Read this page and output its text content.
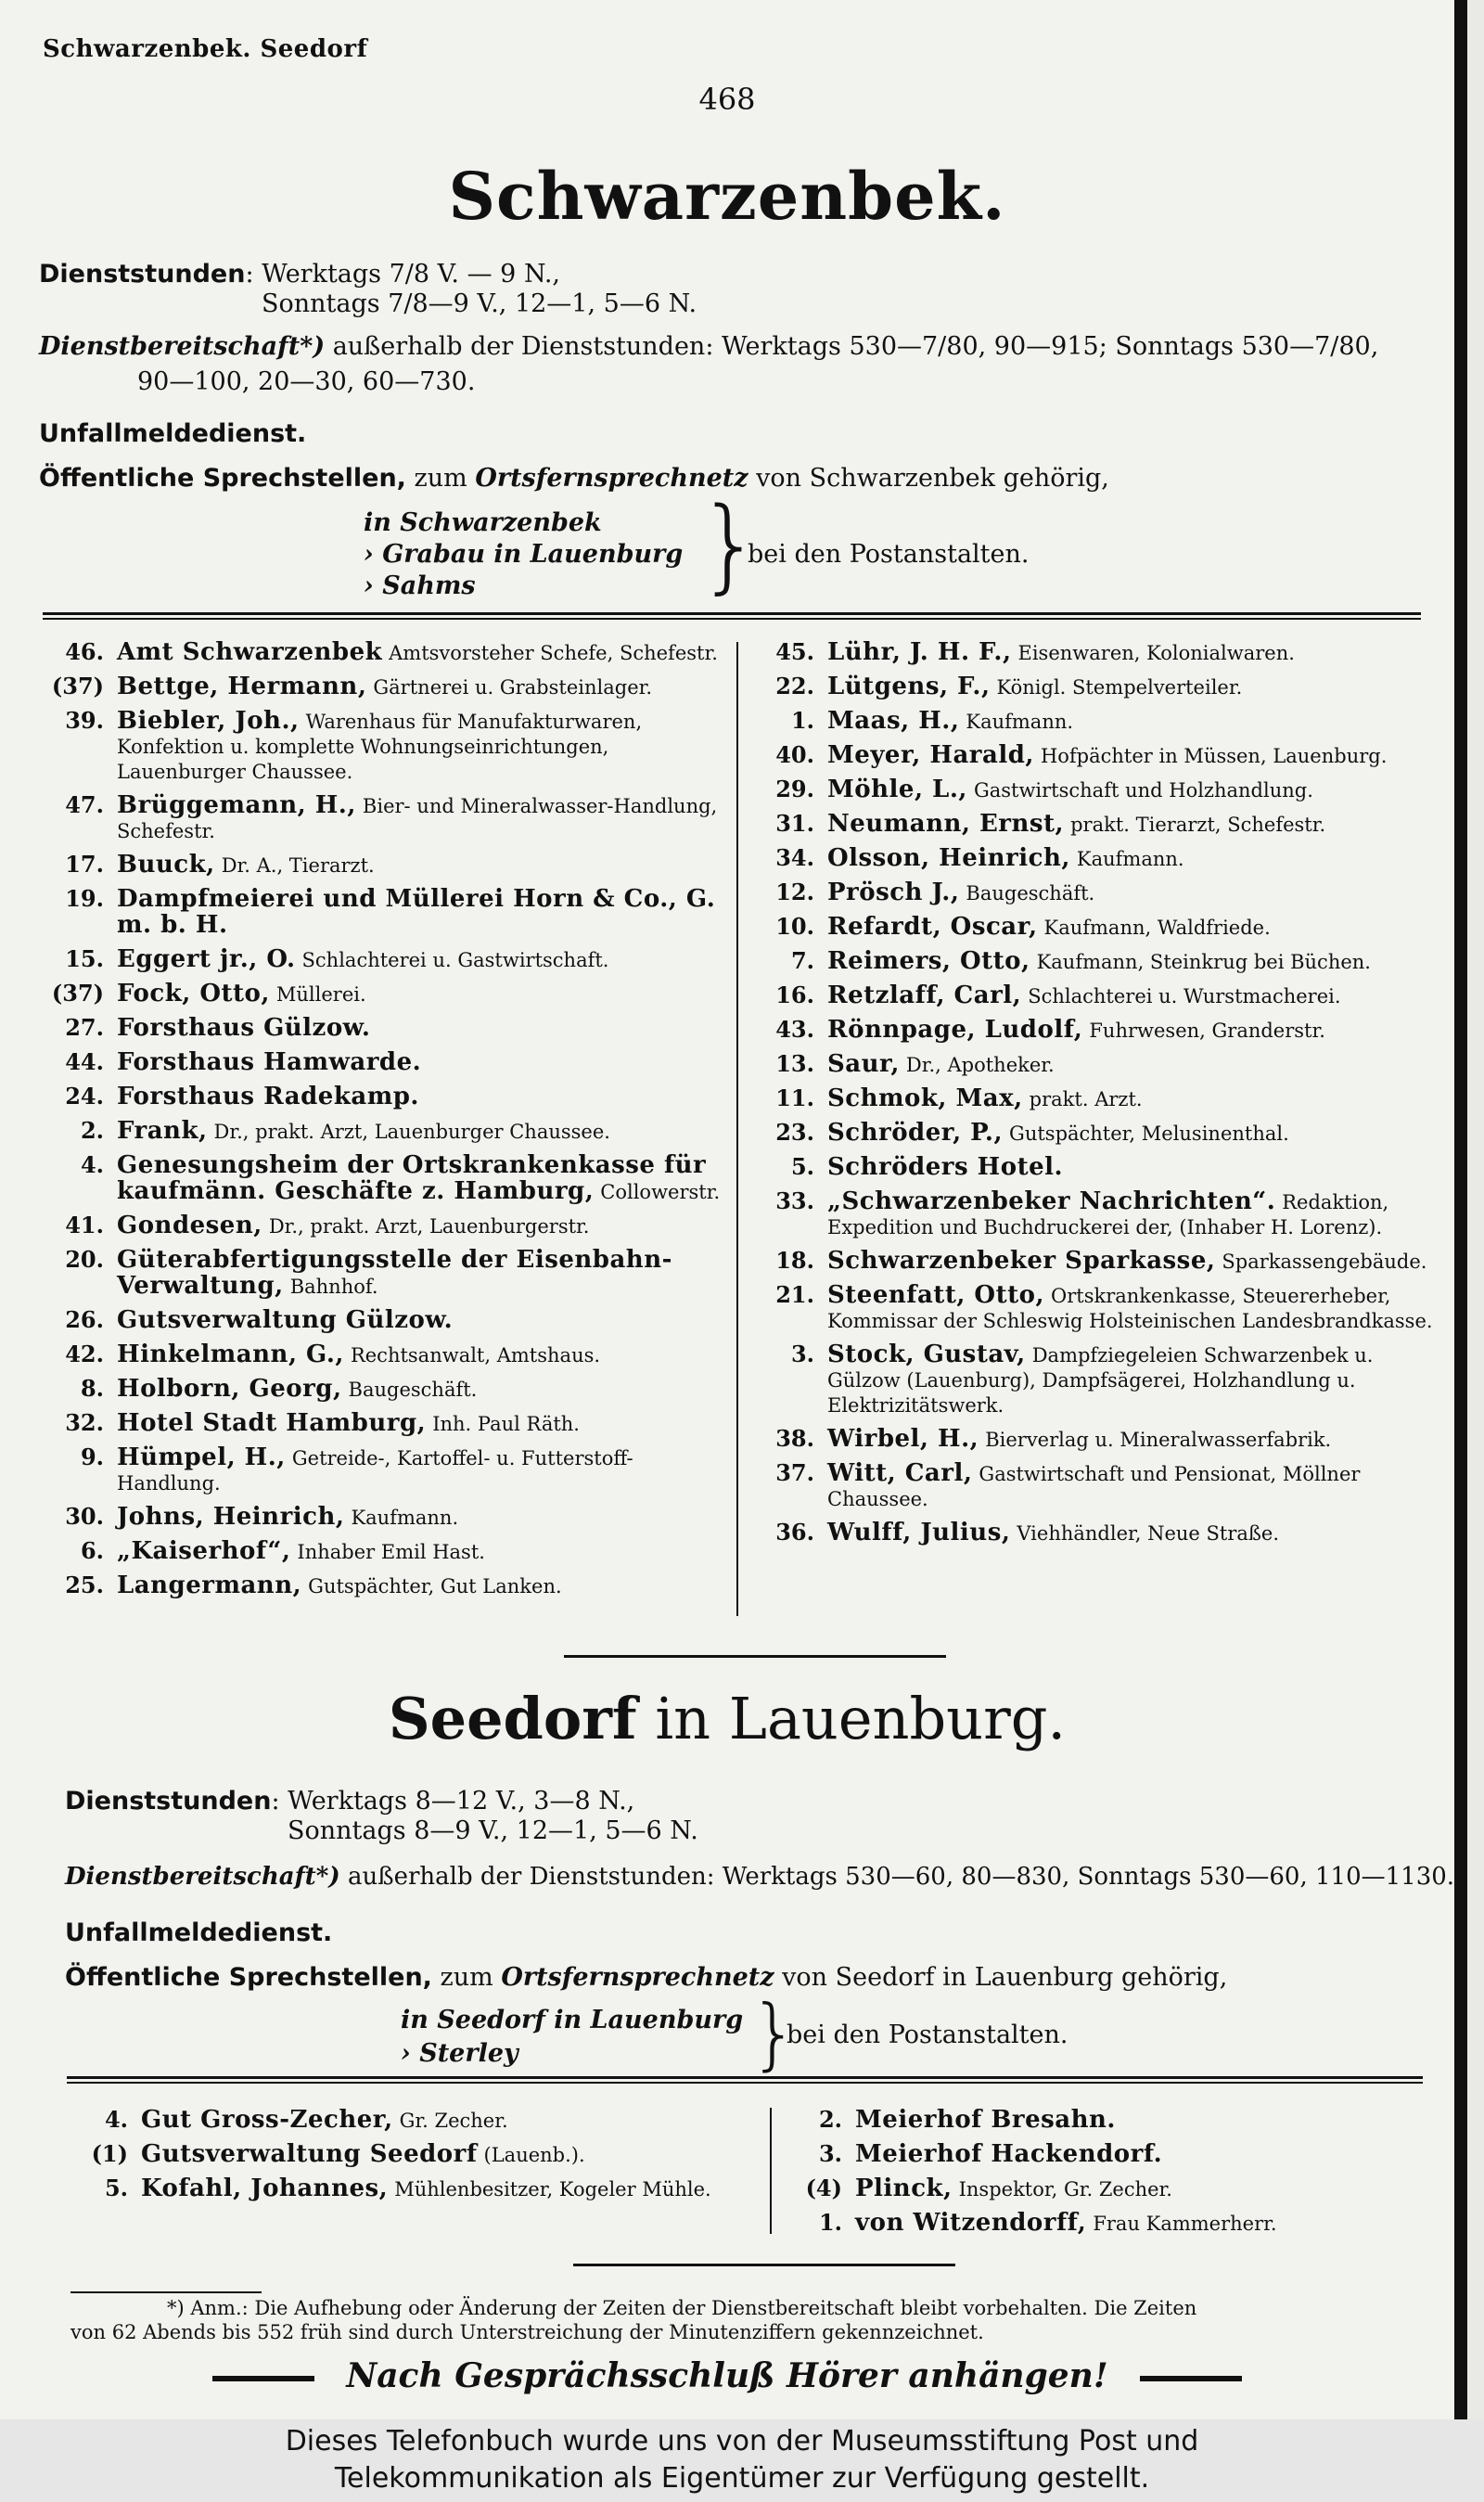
Schwarzenbek. Seedorf
468
Schwarzenbek.
Dienststunden: Werktags 7/8 V. — 9 N.,
Sonntags 7/8—9 V., 12—1, 5—6 N.
Dienstbereitschaft*) außerhalb der Dienststunden: Werktags 530—7/80, 90—915; Sonntags 530—7/80,
90—100, 20—30, 60—730.
Unfallmeldedienst.
Öffentliche Sprechstellen, zum Ortsfernsprechnetz von Schwarzenbek gehörig,
in Schwarzenbek
› Grabau in Lauenburg
› Sahms }
bei den Postanstalten.
46. Amt Schwarzenbek Amtsvorsteher Schefe, Schefestr.
(37) Bettge, Hermann, Gärtnerei u. Grabsteinlager.
39. Biebler, Joh., Warenhaus für Manufakturwaren, Konfektion u. komplette Wohnungseinrichtungen, Lauenburger Chaussee.
47. Brüggemann, H., Bier- und Mineralwasser-Handlung, Schefestr.
17. Buuck, Dr. A., Tierarzt.
19. Dampfmeierei und Müllerei Horn & Co., G. m. b. H.
15. Eggert jr., O. Schlachterei u. Gastwirtschaft.
(37) Fock, Otto, Müllerei.
27. Forsthaus Gülzow.
44. Forsthaus Hamwarde.
24. Forsthaus Radekamp.
2. Frank, Dr., prakt. Arzt, Lauenburger Chaussee.
4. Genesungsheim der Ortskrankenkasse für kaufmänn. Geschäfte z. Hamburg, Collowerstr.
41. Gondesen, Dr., prakt. Arzt, Lauenburgerstr.
20. Güterabfertigungsstelle der Eisenbahn-Verwaltung, Bahnhof.
26. Gutsverwaltung Gülzow.
42. Hinkelmann, G., Rechtsanwalt, Amtshaus.
8. Holborn, Georg, Baugeschäft.
32. Hotel Stadt Hamburg, Inh. Paul Räth.
9. Hümpel, H., Getreide-, Kartoffel- u. Futterstoff-Handlung.
30. Johns, Heinrich, Kaufmann.
6. „Kaiserhof“, Inhaber Emil Hast.
25. Langermann, Gutspächter, Gut Lanken.
45. Lühr, J. H. F., Eisenwaren, Kolonialwaren.
22. Lütgens, F., Königl. Stempelverteiler.
1. Maas, H., Kaufmann.
40. Meyer, Harald, Hofpächter in Müssen, Lauenburg.
29. Möhle, L., Gastwirtschaft und Holzhandlung.
31. Neumann, Ernst, prakt. Tierarzt, Schefestr.
34. Olsson, Heinrich, Kaufmann.
12. Prösch J., Baugeschäft.
10. Refardt, Oscar, Kaufmann, Waldfriede.
7. Reimers, Otto, Kaufmann, Steinkrug bei Büchen.
16. Retzlaff, Carl, Schlachterei u. Wurstmacherei.
43. Rönnpage, Ludolf, Fuhrwesen, Granderstr.
13. Saur, Dr., Apotheker.
11. Schmok, Max, prakt. Arzt.
23. Schröder, P., Gutspächter, Melusinenthal.
5. Schröders Hotel.
33. „Schwarzenbeker Nachrichten“. Redaktion, Expedition und Buchdruckerei der, (Inhaber H. Lorenz).
18. Schwarzenbeker Sparkasse, Sparkassengebäude.
21. Steenfatt, Otto, Ortskrankenkasse, Steuererheber, Kommissar der Schleswig Holsteinischen Landesbrandkasse.
3. Stock, Gustav, Dampfziegeleien Schwarzenbek u. Gülzow (Lauenburg), Dampfsägerei, Holzhandlung u. Elektrizitätswerk.
38. Wirbel, H., Bierverlag u. Mineralwasserfabrik.
37. Witt, Carl, Gastwirtschaft und Pensionat, Möllner Chaussee.
36. Wulff, Julius, Viehhändler, Neue Straße.
Seedorf in Lauenburg.
Dienststunden: Werktags 8—12 V., 3—8 N.,
Sonntags 8—9 V., 12—1, 5—6 N.
Dienstbereitschaft*) außerhalb der Dienststunden: Werktags 530—60, 80—830, Sonntags 530—60, 110—1130.
Unfallmeldedienst.
Öffentliche Sprechstellen, zum Ortsfernsprechnetz von Seedorf in Lauenburg gehörig,
in Seedorf in Lauenburg
› Sterley	}
bei den Postanstalten.
4. Gut Gross-Zecher, Gr. Zecher.
(1) Gutsverwaltung Seedorf (Lauenb.).
5. Kofahl, Johannes, Mühlenbesitzer, Kogeler Mühle.
2. Meierhof Bresahn.
3. Meierhof Hackendorf.
(4) Plinck, Inspektor, Gr. Zecher.
1. von Witzendorff, Frau Kammerherr.
*) Anm.: Die Aufhebung oder Änderung der Zeiten der Dienstbereitschaft bleibt vorbehalten. Die Zeiten
von 62 Abends bis 552 früh sind durch Unterstreichung der Minutenziffern gekennzeichnet.
Nach Gesprächsschluß Hörer anhängen!
Dieses Telefonbuch wurde uns von der Museumsstiftung Post und
Telekommunikation als Eigentümer zur Verfügung gestellt.
